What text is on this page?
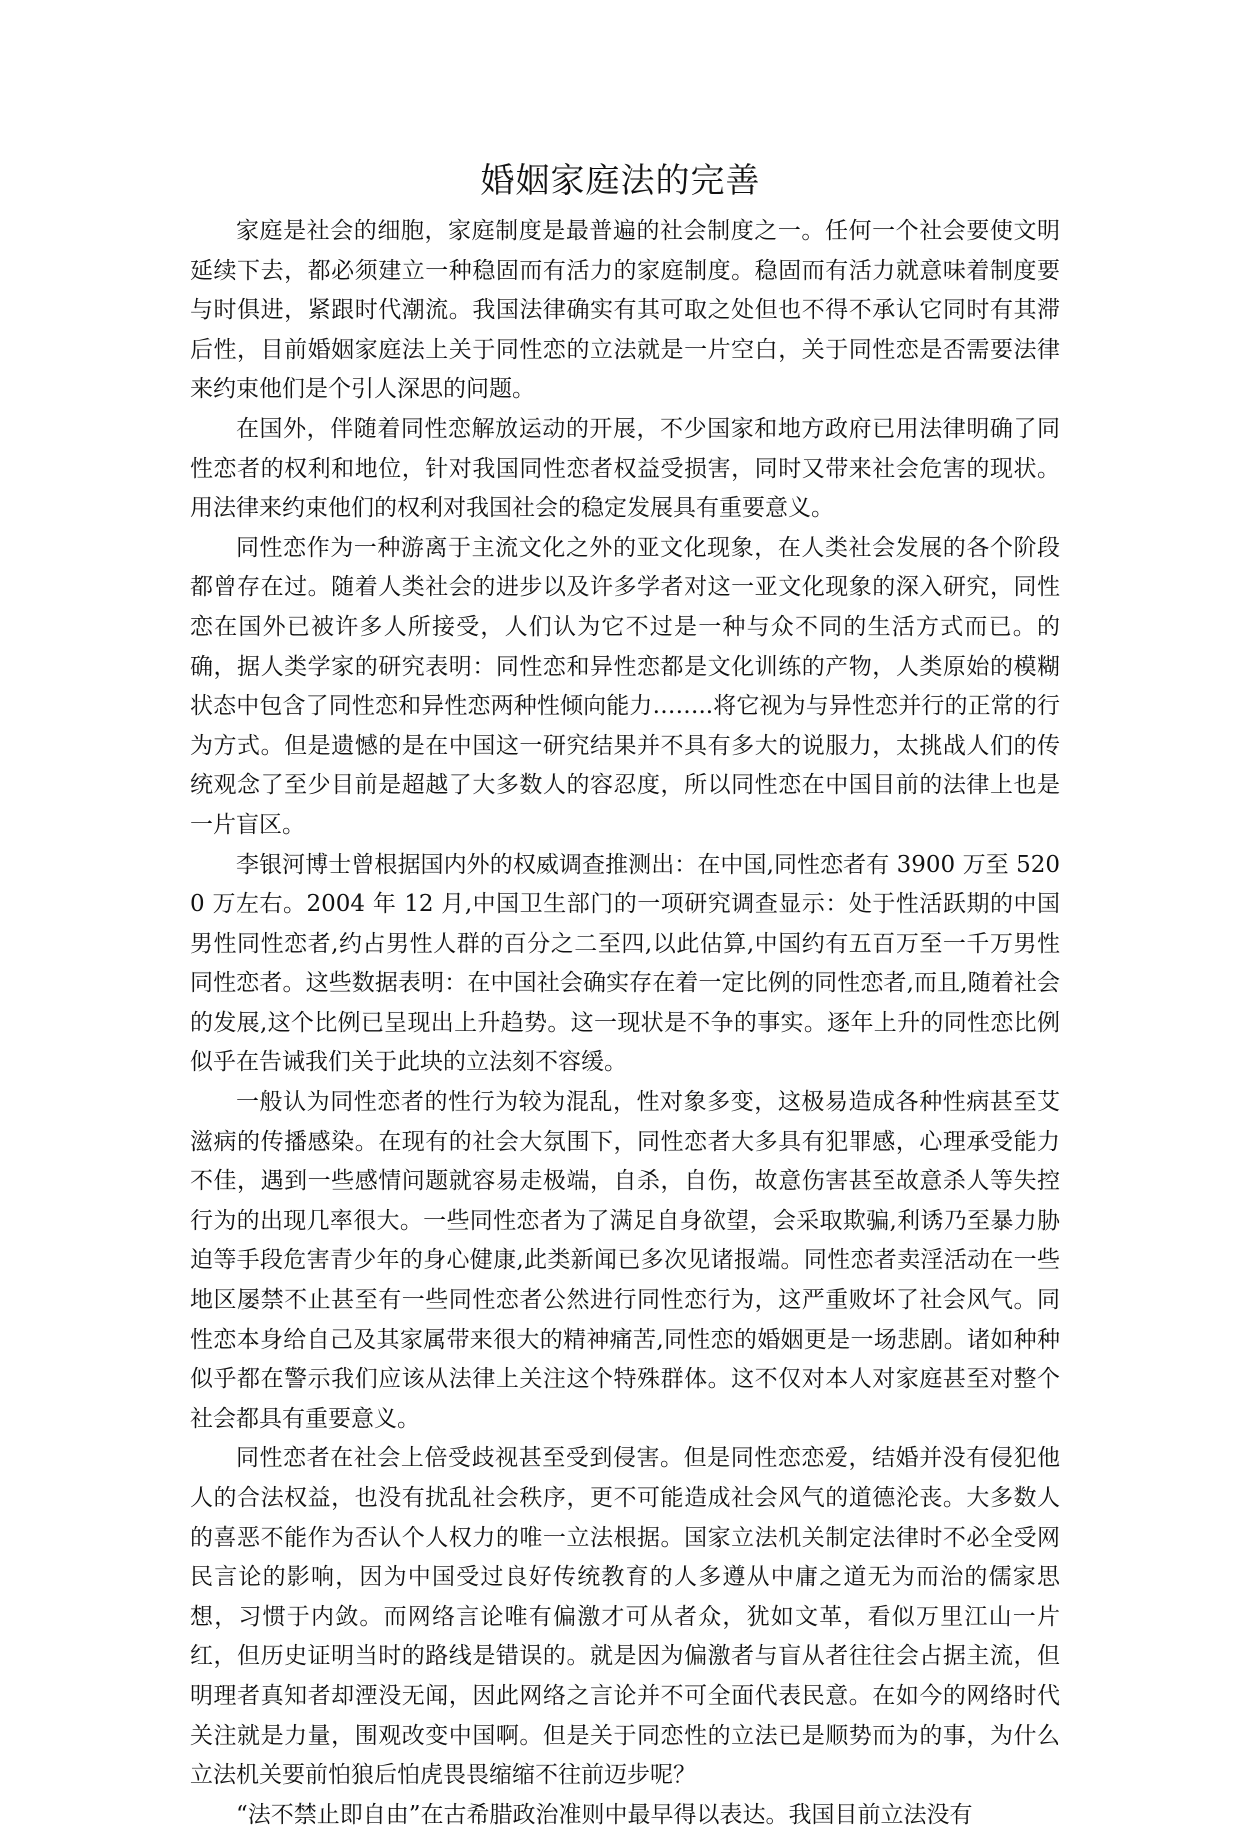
婚姻家庭法的完善

家庭是社会的细胞，家庭制度是最普遍的社会制度之一。任何一个社会要使文明延续下去，都必须建立一种稳固而有活力的家庭制度。稳固而有活力就意味着制度要与时俱进，紧跟时代潮流。我国法律确实有其可取之处但也不得不承认它同时有其滞后性，目前婚姻家庭法上关于同性恋的立法就是一片空白，关于同性恋是否需要法律来约束他们是个引人深思的问题。

在国外，伴随着同性恋解放运动的开展，不少国家和地方政府已用法律明确了同性恋者的权利和地位，针对我国同性恋者权益受损害，同时又带来社会危害的现状。用法律来约束他们的权利对我国社会的稳定发展具有重要意义。

同性恋作为一种游离于主流文化之外的亚文化现象，在人类社会发展的各个阶段都曾存在过。随着人类社会的进步以及许多学者对这一亚文化现象的深入研究，同性恋在国外已被许多人所接受，人们认为它不过是一种与众不同的生活方式而已。的确，据人类学家的研究表明：同性恋和异性恋都是文化训练的产物，人类原始的模糊状态中包含了同性恋和异性恋两种性倾向能力……..将它视为与异性恋并行的正常的行为方式。但是遗憾的是在中国这一研究结果并不具有多大的说服力，太挑战人们的传统观念了至少目前是超越了大多数人的容忍度，所以同性恋在中国目前的法律上也是一片盲区。

李银河博士曾根据国内外的权威调查推测出：在中国,同性恋者有 3900 万至 5200 万左右。2004 年 12 月,中国卫生部门的一项研究调查显示：处于性活跃期的中国男性同性恋者,约占男性人群的百分之二至四,以此估算,中国约有五百万至一千万男性同性恋者。这些数据表明：在中国社会确实存在着一定比例的同性恋者,而且,随着社会的发展,这个比例已呈现出上升趋势。这一现状是不争的事实。逐年上升的同性恋比例似乎在告诫我们关于此块的立法刻不容缓。

一般认为同性恋者的性行为较为混乱，性对象多变，这极易造成各种性病甚至艾滋病的传播感染。在现有的社会大氛围下，同性恋者大多具有犯罪感，心理承受能力不佳，遇到一些感情问题就容易走极端，自杀，自伤，故意伤害甚至故意杀人等失控行为的出现几率很大。一些同性恋者为了满足自身欲望，会采取欺骗,利诱乃至暴力胁迫等手段危害青少年的身心健康,此类新闻已多次见诸报端。同性恋者卖淫活动在一些地区屡禁不止甚至有一些同性恋者公然进行同性恋行为，这严重败坏了社会风气。同性恋本身给自己及其家属带来很大的精神痛苦,同性恋的婚姻更是一场悲剧。诸如种种似乎都在警示我们应该从法律上关注这个特殊群体。这不仅对本人对家庭甚至对整个社会都具有重要意义。

同性恋者在社会上倍受歧视甚至受到侵害。但是同性恋恋爱，结婚并没有侵犯他人的合法权益，也没有扰乱社会秩序，更不可能造成社会风气的道德沦丧。大多数人的喜恶不能作为否认个人权力的唯一立法根据。国家立法机关制定法律时不必全受网民言论的影响，因为中国受过良好传统教育的人多遵从中庸之道无为而治的儒家思想，习惯于内敛。而网络言论唯有偏激才可从者众，犹如文革，看似万里江山一片红，但历史证明当时的路线是错误的。就是因为偏激者与盲从者往往会占据主流，但明理者真知者却湮没无闻，因此网络之言论并不可全面代表民意。在如今的网络时代关注就是力量，围观改变中国啊。但是关于同恋性的立法已是顺势而为的事，为什么立法机关要前怕狼后怕虎畏畏缩缩不往前迈步呢？

“法不禁止即自由”在古希腊政治准则中最早得以表达。我国目前立法没有
